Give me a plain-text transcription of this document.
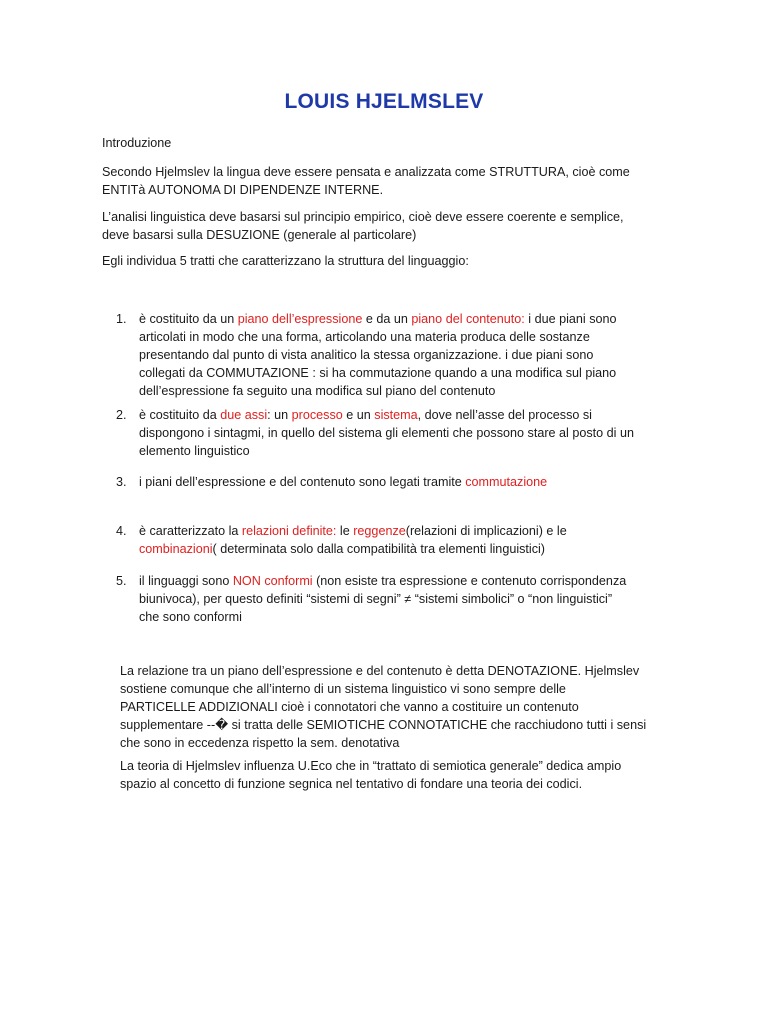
LOUIS HJELMSLEV
Introduzione
Secondo Hjelmslev la lingua deve essere pensata e analizzata come STRUTTURA, cioè come
ENTITà AUTONOMA DI DIPENDENZE INTERNE.
L’analisi linguistica deve basarsi sul principio empirico, cioè deve essere coerente e semplice,
deve basarsi sulla DESUZIONE (generale al particolare)
Egli individua 5 tratti che caratterizzano la struttura del linguaggio:
1. è costituito da un piano dell’espressione e da un piano del contenuto: i due piani sono
articolati in modo che una forma, articolando una materia produca delle sostanze
presentando dal punto di vista analitico la stessa organizzazione. i due piani sono
collegati da COMMUTAZIONE : si ha commutazione quando a una modifica sul piano
dell’espressione fa seguito una modifica sul piano del contenuto
2. è costituito da due assi: un processo e un sistema, dove nell’asse del processo si
dispongono i sintagmi, in quello del sistema gli elementi che possono stare al posto di un
elemento linguistico
3. i piani dell’espressione e del contenuto sono legati tramite commutazione
4. è caratterizzato la relazioni definite: le reggenze(relazioni di implicazioni) e le
combinazioni( determinata solo dalla compatibilità tra elementi linguistici)
5. il linguaggi sono NON conformi (non esiste tra espressione e contenuto corrispondenza
biunivoca), per questo definiti “sistemi di segni” ≠ “sistemi simbolici” o “non linguistici”
che sono conformi
La relazione tra un piano dell’espressione e del contenuto è detta DENOTAZIONE. Hjelmslev
sostiene comunque che all’interno di un sistema linguistico vi sono sempre delle
PARTICELLE ADDIZIONALI cioè i connotatori che vanno a costituire un contenuto
supplementare --� si tratta delle SEMIOTICHE CONNOTATICHE che racchiudono tutti i sensi
che sono in eccedenza rispetto la sem. denotativa
La teoria di Hjelmslev influenza U.Eco che in “trattato di semiotica generale” dedica ampio
spazio al concetto di funzione segnica nel tentativo di fondare una teoria dei codici.
